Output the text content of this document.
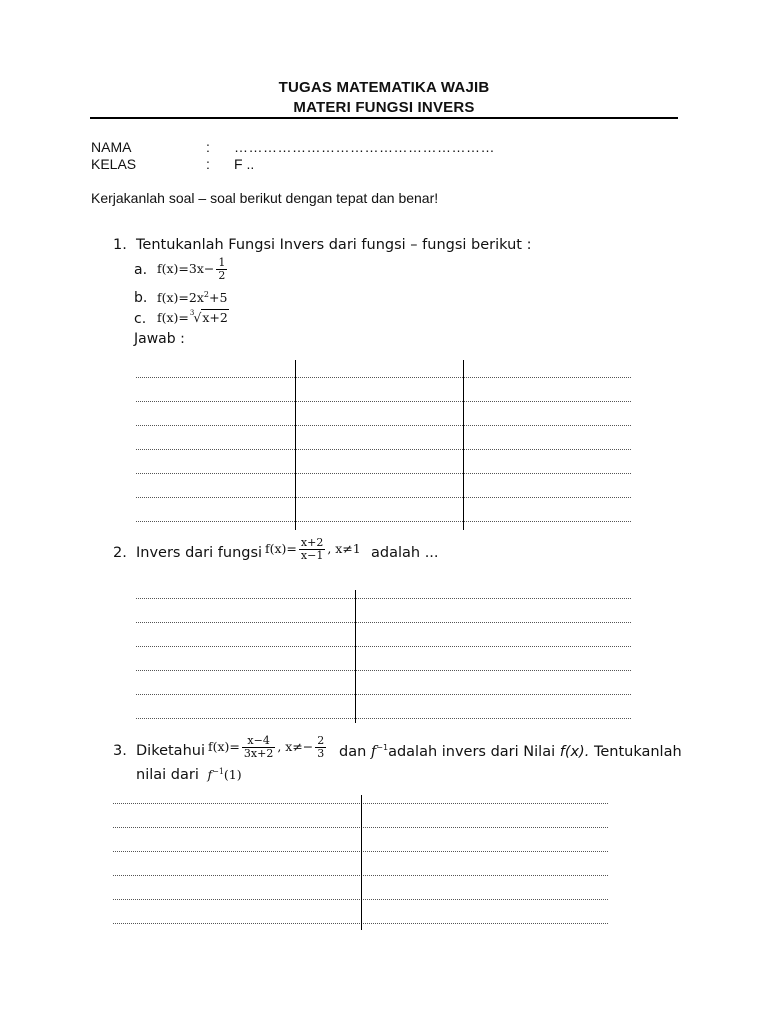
TUGAS MATEMATIKA WAJIB
MATERI FUNGSI INVERS
NAMA	: ………………………………………………
KELAS	: F ..
Kerjakanlah soal – soal berikut dengan tepat dan benar!
1. Tentukanlah Fungsi Invers dari fungsi – fungsi berikut :
a. $f(x)=3x- \frac{1}{2}$
b. $f(x)=2x^2+5$
c. f(x)=$^3$√x+2
Jawab :
2. Invers dari fungsi $f(x)= \frac{x+2}{x-1}$ , x≠1 adalah ...
3. Diketahui $f(x)= \frac{x-4}{3x+2}$ , $x\ne- \frac{2}{3}$ dan $f^{-1}adalah$ invers dari Nilai f(x). Tentukanlah
nilai dari $f^{-1}(1)$
